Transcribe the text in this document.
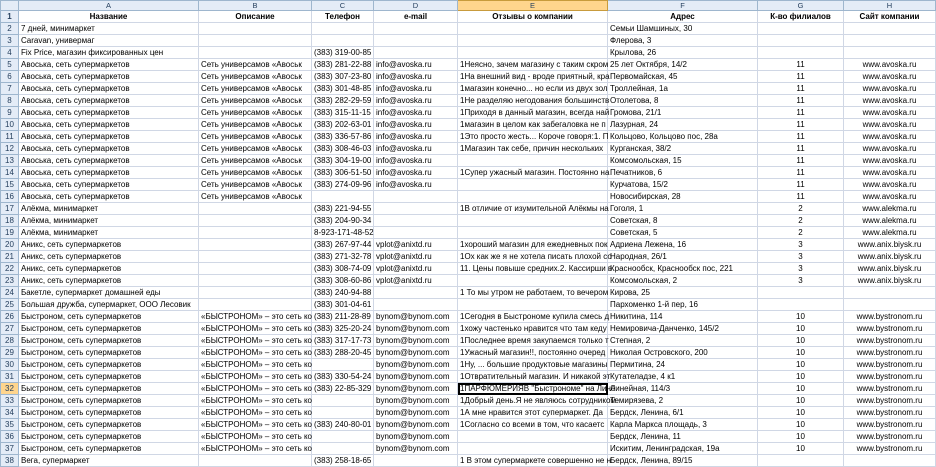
	A	B	C	D	E	F	G	H
1	Название	Описание	Телефон	e-mail	Отзывы о компании	Адрес	К-во филиалов	Сайт компании
2	7 дней, минимаркет					Семьи Шамшиных, 30		
3	Caravan, универмаг					Флерова, 3		
4	Fix Price, магазин фиксированных цен		(383) 319-00-85			Крылова, 26		
5	Авоська, сеть супермаркетов	Сеть универсамов «Авоськ	(383) 281-22-88	info@avoska.ru	1Неясно, зачем магазину с таким скром	25 лет Октября, 14/2	11	www.avoska.ru
6	Авоська, сеть супермаркетов	Сеть универсамов «Авоськ	(383) 307-23-80	info@avoska.ru	1На внешний вид - вроде приятный, кра	Первомайская, 45	11	www.avoska.ru
7	Авоська, сеть супермаркетов	Сеть универсамов «Авоськ	(383) 301-48-85	info@avoska.ru	1магазин конечно... но если из двух зол	Троллейная, 1а	11	www.avoska.ru
8	Авоська, сеть супермаркетов	Сеть универсамов «Авоськ	(383) 282-29-59	info@avoska.ru	1Не разделяю негодования большинств	Отолетова, 8	11	www.avoska.ru
9	Авоська, сеть супермаркетов	Сеть универсамов «Авоськ	(383) 315-11-15	info@avoska.ru	1Приходя в данный магазин, всегда най	Громова, 21/1	11	www.avoska.ru
10	Авоська, сеть супермаркетов	Сеть универсамов «Авоськ	(383) 202-63-01	info@avoska.ru	1магазин в целом как забегаловка не п	Лазурная, 24	11	www.avoska.ru
11	Авоська, сеть супермаркетов	Сеть универсамов «Авоськ	(383) 336-57-86	info@avoska.ru	1Это просто жесть... Короче говоря:1. П	Кольцово, Кольцово пос, 28а	11	www.avoska.ru
12	Авоська, сеть супермаркетов	Сеть универсамов «Авоськ	(383) 308-46-03	info@avoska.ru	1Магазин так себе, причин нескольких	Курганская, 38/2	11	www.avoska.ru
13	Авоська, сеть супермаркетов	Сеть универсамов «Авоськ	(383) 304-19-00	info@avoska.ru		Комсомольская, 15	11	www.avoska.ru
14	Авоська, сеть супермаркетов	Сеть универсамов «Авоськ	(383) 306-51-50	info@avoska.ru	1Супер ужасный магазин. Постоянно на	Печатников, 6	11	www.avoska.ru
15	Авоська, сеть супермаркетов	Сеть универсамов «Авоськ	(383) 274-09-96	info@avoska.ru		Курчатова, 15/2	11	www.avoska.ru
16	Авоська, сеть супермаркетов	Сеть универсамов «Авоськ				Новосибирская, 28	11	www.avoska.ru
17	Алёкма, минимаркет		(383) 221-94-55		1В отличие от изумительной Алёкмы на	Гоголя, 1	2	www.alekma.ru
18	Алёкма, минимаркет		(383) 204-90-34			Советская, 8	2	www.alekma.ru
19	Алёкма, минимаркет		8-923-171-48-52			Советская, 5	2	www.alekma.ru
20	Аникс, сеть супермаркетов		(383) 267-97-44	vplot@anixtd.ru	1хороший магазин для ежедневных пок	Адриена Лежена, 16	3	www.anix.biysk.ru
21	Аникс, сеть супермаркетов		(383) 271-32-78	vplot@anixtd.ru	1Ох как же я не хотела писать плохой со	Народная, 26/1	3	www.anix.biysk.ru
22	Аникс, сеть супермаркетов		(383) 308-74-09	vplot@anixtd.ru	11. Цены повыше средних.2. Кассирши в	Краснообск, Краснообск пос, 221	3	www.anix.biysk.ru
23	Аникс, сеть супермаркетов		(383) 308-60-86	vplot@anixtd.ru		Комсомольская, 2	3	www.anix.biysk.ru
24	Бакетле, супермаркет домашней еды		(383) 240-94-88		1 То мы утром не работаем, то вечером	Кирова, 25		
25	Большая дружба, супермаркет, ООО Лесовик		(383) 301-04-61			Пархоменко 1-й пер, 16		
26	Быстроном, сеть супермаркетов	«БЫСТРОНОМ» – это сеть ко	(383) 211-28-89	bynom@bynom.com	1Сегодня в Быстрономе купила смесь д	Никитина, 114	10	www.bystronom.ru
27	Быстроном, сеть супермаркетов	«БЫСТРОНОМ» – это сеть ко	(383) 325-20-24	bynom@bynom.com	1хожу частенько нравится что там кеду	Немировича-Данченко, 145/2	10	www.bystronom.ru
28	Быстроном, сеть супермаркетов	«БЫСТРОНОМ» – это сеть ко	(383) 317-17-73	bynom@bynom.com	1Последнее время закупаемся только т	Степная, 2	10	www.bystronom.ru
29	Быстроном, сеть супермаркетов	«БЫСТРОНОМ» – это сеть ко	(383) 288-20-45	bynom@bynom.com	1Ужасный магазин!!, постоянно очеред	Николая Островского, 200	10	www.bystronom.ru
30	Быстроном, сеть супермаркетов	«БЫСТРОНОМ» – это сеть ко		bynom@bynom.com	1Ну, ... большие продуктовые магазины	Пермитина, 24	10	www.bystronom.ru
31	Быстроном, сеть супермаркетов	«БЫСТРОНОМ» – это сеть ко	(383) 330-54-24	bynom@bynom.com	1Отвратительный магазин. И никакой эт	Кутателадзе, 4 к1	10	www.bystronom.ru
32	Быстроном, сеть супермаркетов	«БЫСТРОНОМ» – это сеть ко	(383) 22-85-329	bynom@bynom.com	1ПАРФЮМЕРИЯВ "Быстрономе" на Лине	Линейная, 114/3	10	www.bystronom.ru
33	Быстроном, сеть супермаркетов	«БЫСТРОНОМ» – это сеть ко		bynom@bynom.com	1Добрый день.Я не являюсь сотрудником	Темирязева, 2	10	www.bystronom.ru
34	Быстроном, сеть супермаркетов	«БЫСТРОНОМ» – это сеть ко		bynom@bynom.com	1А мне нравится этот супермаркет. Да	Бердск, Ленина, 6/1	10	www.bystronom.ru
35	Быстроном, сеть супермаркетов	«БЫСТРОНОМ» – это сеть ко	(383) 240-80-01	bynom@bynom.com	1Согласно со всеми в том, что касаетс	Карла Маркса площадь, 3	10	www.bystronom.ru
36	Быстроном, сеть супермаркетов	«БЫСТРОНОМ» – это сеть ко		bynom@bynom.com		Бердск, Ленина, 11	10	www.bystronom.ru
37	Быстроном, сеть супермаркетов	«БЫСТРОНОМ» – это сеть ко		bynom@bynom.com		Искитим, Ленинградская, 19а	10	www.bystronom.ru
38	Вега, супермаркет		(383) 258-18-65		1 В этом супермаркете совершенно не н	Бердск, Ленина, 89/15		
